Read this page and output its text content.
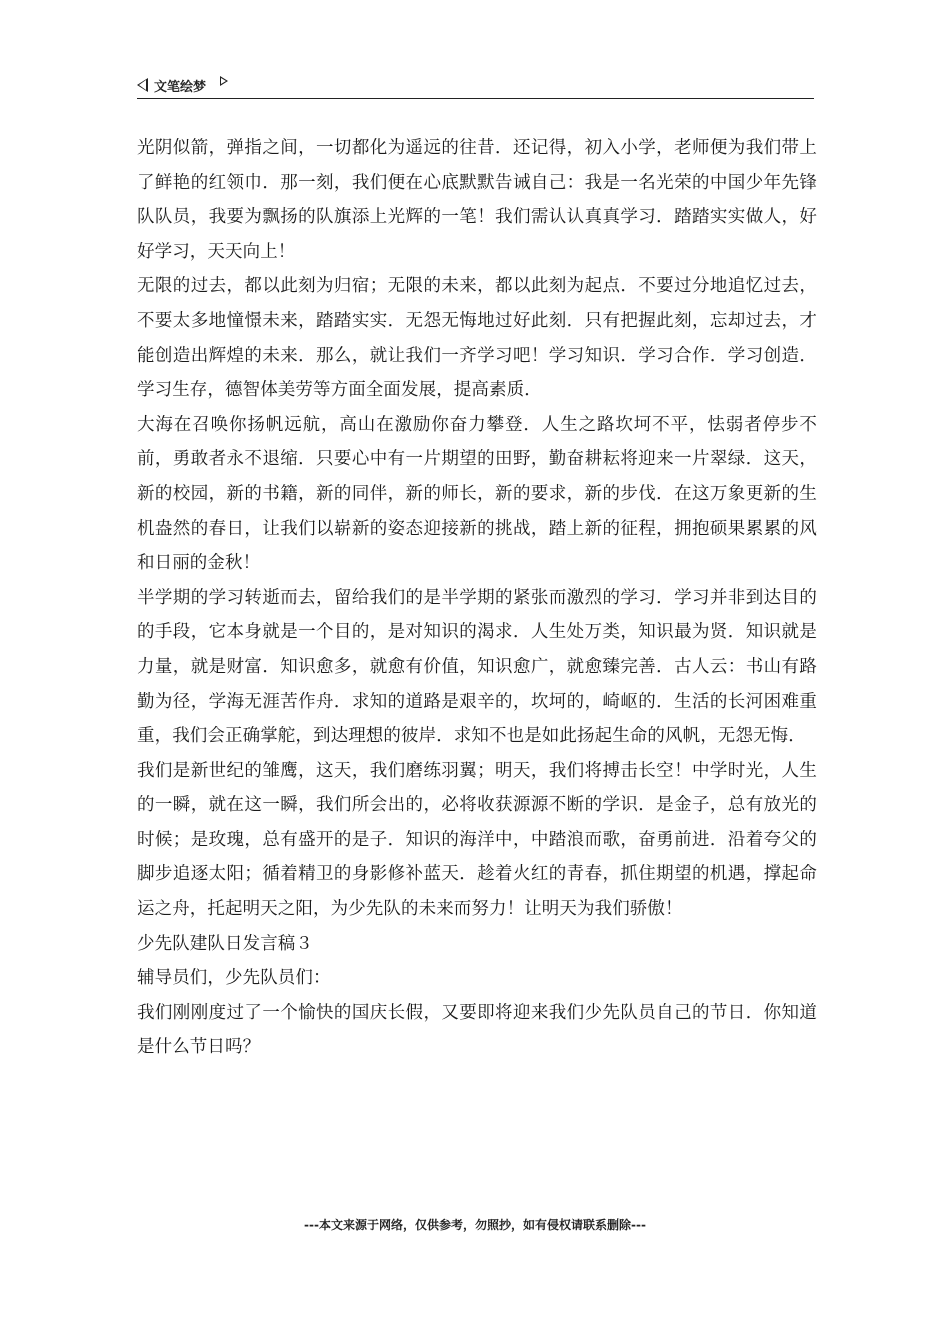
文笔绘梦

光阴似箭，弹指之间，一切都化为遥远的往昔．还记得，初入小学，老师便为我们带上了鲜艳的红领巾．那一刻，我们便在心底默默告诫自己：我是一名光荣的中国少年先锋队队员，我要为飘扬的队旗添上光辉的一笔！我们需认认真真学习．踏踏实实做人，好好学习，天天向上！

无限的过去，都以此刻为归宿；无限的未来，都以此刻为起点．不要过分地追忆过去，不要太多地憧憬未来，踏踏实实．无怨无悔地过好此刻．只有把握此刻，忘却过去，才能创造出辉煌的未来．那么，就让我们一齐学习吧！学习知识．学习合作．学习创造．学习生存，德智体美劳等方面全面发展，提高素质．

大海在召唤你扬帆远航，高山在激励你奋力攀登．人生之路坎坷不平，怯弱者停步不前，勇敢者永不退缩．只要心中有一片期望的田野，勤奋耕耘将迎来一片翠绿．这天，新的校园，新的书籍，新的同伴，新的师长，新的要求，新的步伐．在这万象更新的生机盎然的春日，让我们以崭新的姿态迎接新的挑战，踏上新的征程，拥抱硕果累累的风和日丽的金秋！

半学期的学习转逝而去，留给我们的是半学期的紧张而激烈的学习．学习并非到达目的的手段，它本身就是一个目的，是对知识的渴求．人生处万类，知识最为贤．知识就是力量，就是财富．知识愈多，就愈有价值，知识愈广，就愈臻完善．古人云：书山有路勤为径，学海无涯苦作舟．求知的道路是艰辛的，坎坷的，崎岖的．生活的长河困难重重，我们会正确掌舵，到达理想的彼岸．求知不也是如此扬起生命的风帆，无怨无悔．

我们是新世纪的雏鹰，这天，我们磨练羽翼；明天，我们将搏击长空！中学时光，人生的一瞬，就在这一瞬，我们所会出的，必将收获源源不断的学识．是金子，总有放光的时候；是玫瑰，总有盛开的是子．知识的海洋中，中踏浪而歌，奋勇前进．沿着夸父的脚步追逐太阳；循着精卫的身影修补蓝天．趁着火红的青春，抓住期望的机遇，撑起命运之舟，托起明天之阳，为少先队的未来而努力！让明天为我们骄傲！

少先队建队日发言稿３

辅导员们，少先队员们：

我们刚刚度过了一个愉快的国庆长假，又要即将迎来我们少先队员自己的节日．你知道是什么节日吗？

---本文来源于网络，仅供参考，勿照抄，如有侵权请联系删除---
